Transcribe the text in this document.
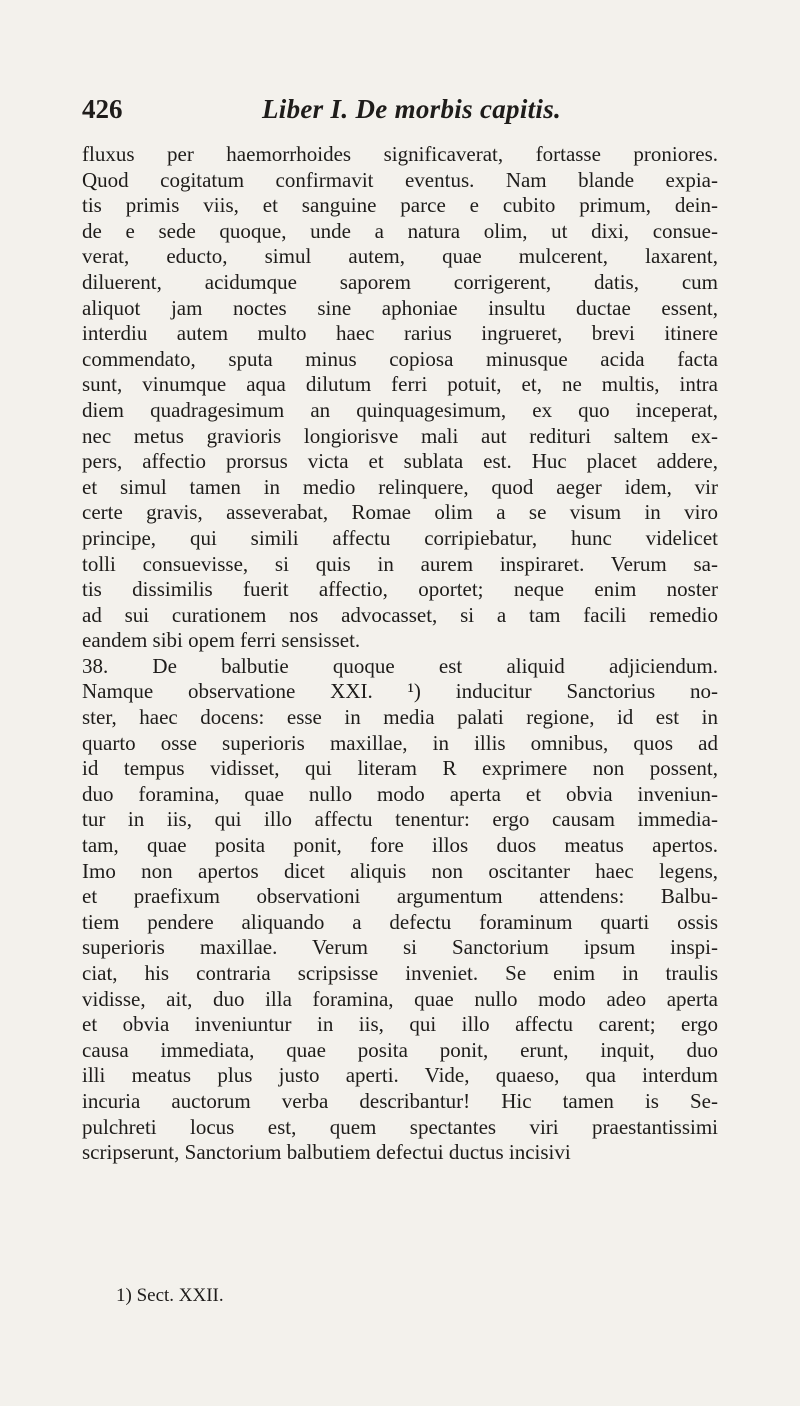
426	Liber I. De morbis capitis.
fluxus per haemorrhoides significaverat, fortasse proniores.
Quod cogitatum confirmavit eventus. Nam blande expia-
tis primis viis, et sanguine parce e cubito primum, dein-
de e sede quoque, unde a natura olim, ut dixi, consue-
verat, educto, simul autem, quae mulcerent, laxarent,
diluerent, acidumque saporem corrigerent, datis, cum
aliquot jam noctes sine aphoniae insultu ductae essent,
interdiu autem multo haec rarius ingrueret, brevi itinere
commendato, sputa minus copiosa minusque acida facta
sunt, vinumque aqua dilutum ferri potuit, et, ne multis, intra
diem quadragesimum an quinquagesimum, ex quo inceperat,
nec metus gravioris longiorisve mali aut redituri saltem ex-
pers, affectio prorsus victa et sublata est. Huc placet addere,
et simul tamen in medio relinquere, quod aeger idem, vir
certe gravis, asseverabat, Romae olim a se visum in viro
principe, qui simili affectu corripiebatur, hunc videlicet
tolli consuevisse, si quis in aurem inspiraret. Verum sa-
tis dissimilis fuerit affectio, oportet; neque enim noster
ad sui curationem nos advocasset, si a tam facili remedio
eandem sibi opem ferri sensisset.
38. De balbutie quoque est aliquid adjiciendum.
Namque observatione XXI. ¹) inducitur Sanctorius no-
ster, haec docens: esse in media palati regione, id est in
quarto osse superioris maxillae, in illis omnibus, quos ad
id tempus vidisset, qui literam R exprimere non possent,
duo foramina, quae nullo modo aperta et obvia inveniun-
tur in iis, qui illo affectu tenentur: ergo causam immedia-
tam, quae posita ponit, fore illos duos meatus apertos.
Imo non apertos dicet aliquis non oscitanter haec legens,
et praefixum observationi argumentum attendens: Balbu-
tiem pendere aliquando a defectu foraminum quarti ossis
superioris maxillae. Verum si Sanctorium ipsum inspi-
ciat, his contraria scripsisse inveniet. Se enim in traulis
vidisse, ait, duo illa foramina, quae nullo modo adeo aperta
et obvia inveniuntur in iis, qui illo affectu carent; ergo
causa immediata, quae posita ponit, erunt, inquit, duo
illi meatus plus justo aperti. Vide, quaeso, qua interdum
incuria auctorum verba describantur! Hic tamen is Se-
pulchreti locus est, quem spectantes viri praestantissimi
scripserunt, Sanctorium balbutiem defectui ductus incisivi
1) Sect. XXII.
